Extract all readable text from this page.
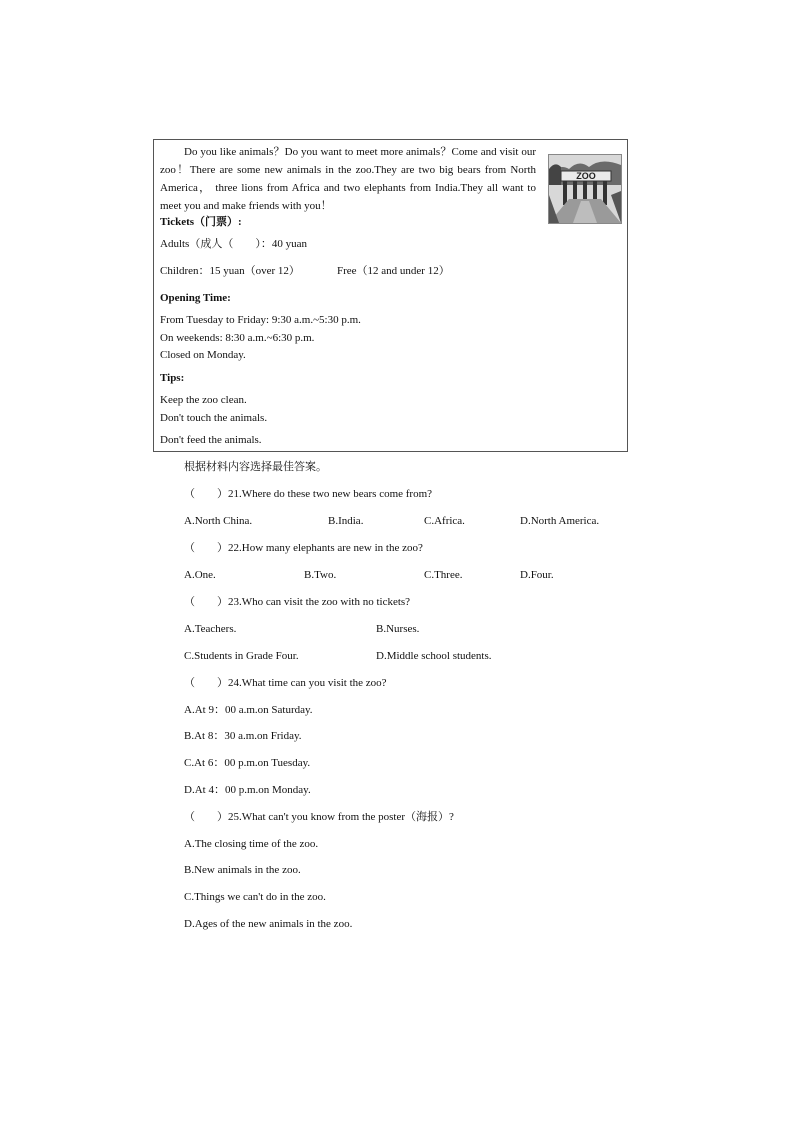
Do you like animals？Do you want to meet more animals？Come and visit our zoo！There are some new animals in the zoo.They are two big bears from North America， three lions from Africa and two elephants from India.They all want to meet you and make friends with you！
ZOO
Tickets（门票）:
Adults（成人（　　）：40 yuan
Children：15 yuan（over 12）	Free（12 and under 12）
Opening Time:
From Tuesday to Friday: 9:30 a.m.~5:30 p.m.
On weekends: 8:30 a.m.~6:30 p.m.
Closed on Monday.
Tips:
Keep the zoo clean.
Don't touch the animals.
Don't feed the animals.
根据材料内容选择最佳答案。
（　　）21.Where do these two new bears come from?
A.North China.	B.India.	C.Africa.	D.North America.
（　　）22.How many elephants are new in the zoo?
A.One.	B.Two.	C.Three.	D.Four.
（　　）23.Who can visit the zoo with no tickets?
A.Teachers.	B.Nurses.
C.Students in Grade Four.	D.Middle school students.
（　　）24.What time can you visit the zoo?
A.At 9：00 a.m.on Saturday.
B.At 8：30 a.m.on Friday.
C.At 6：00 p.m.on Tuesday.
D.At 4：00 p.m.on Monday.
（　　）25.What can't you know from the poster（海报）?
A.The closing time of the zoo.
B.New animals in the zoo.
C.Things we can't do in the zoo.
D.Ages of the new animals in the zoo.
